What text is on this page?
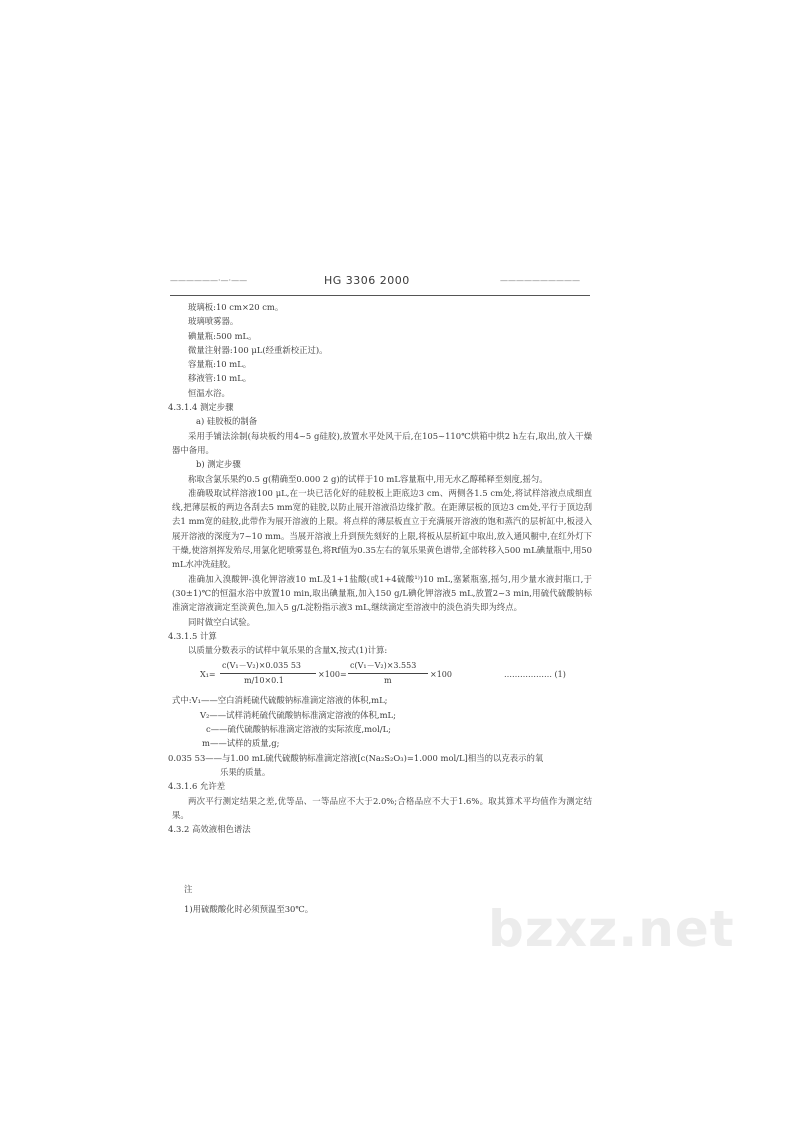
——————·—·——	HG 3306 2000	——————————
玻璃板:10 cm×20 cm。
玻璃喷雾器。
碘量瓶:500 mL。
微量注射器:100 μL(经重新校正过)。
容量瓶:10 mL。
移液管:10 mL。
恒温水浴。
4.3.1.4 测定步骤
a) 硅胶板的制备
采用手铺法涂制(每块板约用4~5 g硅胶),放置水平处风干后,在105~110℃烘箱中烘2 h左右,取出,放入干燥器中备用。
b) 测定步骤
称取含氯乐果约0.5 g(精确至0.000 2 g)的试样于10 mL容量瓶中,用无水乙醇稀释至刻度,摇匀。
准确吸取试样溶液100 μL,在一块已活化好的硅胶板上距底边3 cm、两侧各1.5 cm处,将试样溶液点成细直线,把薄层板的两边各刮去5 mm宽的硅胶,以防止展开溶液沿边缘扩散。在距薄层板的顶边3 cm处,平行于顶边刮去1 mm宽的硅胶,此带作为展开溶液的上限。将点样的薄层板直立于充满展开溶液的饱和蒸汽的层析缸中,板浸入展开溶液的深度为7~10 mm。当展开溶液上升到预先刻好的上限,将板从层析缸中取出,放入通风橱中,在红外灯下干燥,使溶剂挥发殆尽,用氯化钯喷雾显色,将Rf值为0.35左右的氧乐果黄色谱带,全部转移入500 mL碘量瓶中,用50 mL水冲洗硅胶。
准确加入溴酸钾-溴化钾溶液10 mL及1+1盐酸(或1+4硫酸¹⁾)10 mL,塞紧瓶塞,摇匀,用少量水液封瓶口,于(30±1)℃的恒温水浴中放置10 min,取出碘量瓶,加入150 g/L碘化钾溶液5 mL,放置2~3 min,用硫代硫酸钠标准滴定溶液滴定至淡黄色,加入5 g/L淀粉指示液3 mL,继续滴定至溶液中的淡色消失即为终点。
同时做空白试验。
4.3.1.5 计算
以质量分数表示的试样中氧乐果的含量X,按式(1)计算:
X₁=
c(V₁－V₂)×0.035 53
m/10×0.1
×100=
c(V₁－V₂)×3.553
m
×100	……………… (1)
式中:V₁——空白消耗硫代硫酸钠标准滴定溶液的体积,mL;
V₂——试样消耗硫代硫酸钠标准滴定溶液的体积,mL;
c——硫代硫酸钠标准滴定溶液的实际浓度,mol/L;
m——试样的质量,g;
0.035 53——与1.00 mL硫代硫酸钠标准滴定溶液[c(Na₂S₂O₃)=1.000 mol/L]相当的以克表示的氧
乐果的质量。
4.3.1.6 允许差
两次平行测定结果之差,优等品、一等品应不大于2.0%;合格品应不大于1.6%。取其算术平均值作为测定结果。
4.3.2 高效液相色谱法
注
1)用硫酸酸化时必须预温至30℃。	bzxz.net
